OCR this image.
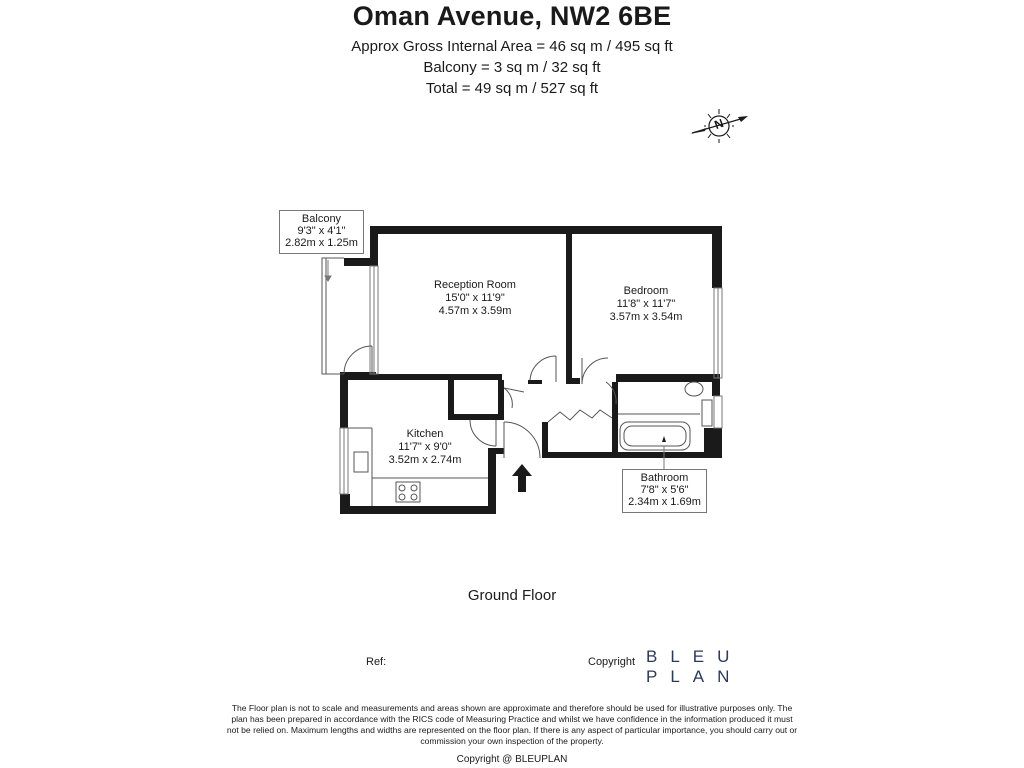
Oman Avenue, NW2 6BE
Approx Gross Internal Area = 46 sq m / 495 sq ft
Balcony = 3 sq m / 32 sq ft
Total = 49 sq m / 527 sq ft
N
Balcony
9'3" x 4'1"
2.82m x 1.25m
Reception Room
15'0" x 11'9"
4.57m x 3.59m
Bedroom
11'8" x 11'7"
3.57m x 3.54m
Kitchen
11'7" x 9'0"
3.52m x 2.74m
Bathroom
7'8" x 5'6"
2.34m x 1.69m
Ground Floor
Ref:	Copyright BLEU
PLAN
The Floor plan is not to scale and measurements and areas shown are approximate and therefore should be used for illustrative purposes only. The plan has been prepared in accordance with the RICS code of Measuring Practice and whilst we have confidence in the information produced it must not be relied on. Maximum lengths and widths are represented on the floor plan. If there is any aspect of particular importance, you should carry out or commission your own inspection of the property.
Copyright @ BLEUPLAN
